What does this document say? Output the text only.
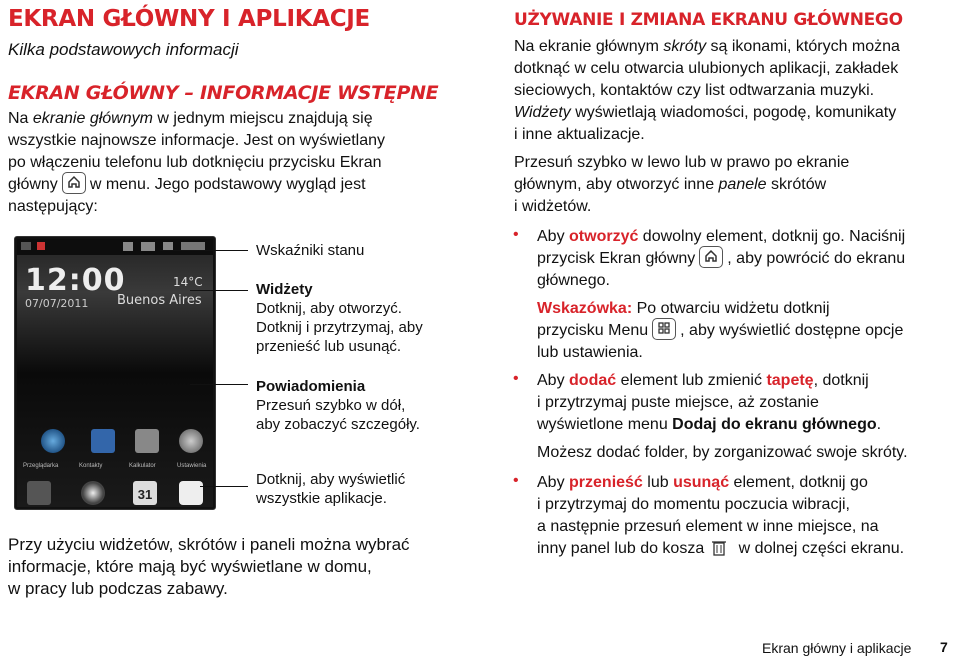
EKRAN GŁÓWNY I APLIKACJE
Kilka podstawowych informacji
EKRAN GŁÓWNY – INFORMACJE WSTĘPNE
Na ekranie głównym w jednym miejscu znajdują się
wszystkie najnowsze informacje. Jest on wyświetlany
po włączeniu telefonu lub dotknięciu przycisku Ekran
główny w menu. Jego podstawowy wygląd jest
następujący:
12:00
07/07/2011
14°C
Buenos Aires
Przeglądarka	Kontakty	Kalkulator	Ustawienia
31
Wskaźniki stanu
Widżety
Dotknij, aby otworzyć.
Dotknij i przytrzymaj, aby
przenieść lub usunąć.
Powiadomienia
Przesuń szybko w dół,
aby zobaczyć szczegóły.
Dotknij, aby wyświetlić
wszystkie aplikacje.
Przy użyciu widżetów, skrótów i paneli można wybrać
informacje, które mają być wyświetlane w domu,
w pracy lub podczas zabawy.
UŻYWANIE I ZMIANA EKRANU GŁÓWNEGO
Na ekranie głównym skróty są ikonami, których można
dotknąć w celu otwarcia ulubionych aplikacji, zakładek
sieciowych, kontaktów czy list odtwarzania muzyki.
Widżety wyświetlają wiadomości, pogodę, komunikaty
i inne aktualizacje.
Przesuń szybko w lewo lub w prawo po ekranie
głównym, aby otworzyć inne panele skrótów
i widżetów.
• Aby otworzyć dowolny element, dotknij go. Naciśnij
przycisk Ekran główny , aby powrócić do ekranu
głównego.
Wskazówka: Po otwarciu widżetu dotknij
przycisku Menu , aby wyświetlić dostępne opcje
lub ustawienia.
• Aby dodać element lub zmienić tapetę, dotknij
i przytrzymaj puste miejsce, aż zostanie
wyświetlone menu Dodaj do ekranu głównego.
Możesz dodać folder, by zorganizować swoje skróty.
• Aby przenieść lub usunąć element, dotknij go
i przytrzymaj do momentu poczucia wibracji,
a następnie przesuń element w inne miejsce, na
inny panel lub do kosza
w dolnej części ekranu.
Ekran główny i aplikacje 7
